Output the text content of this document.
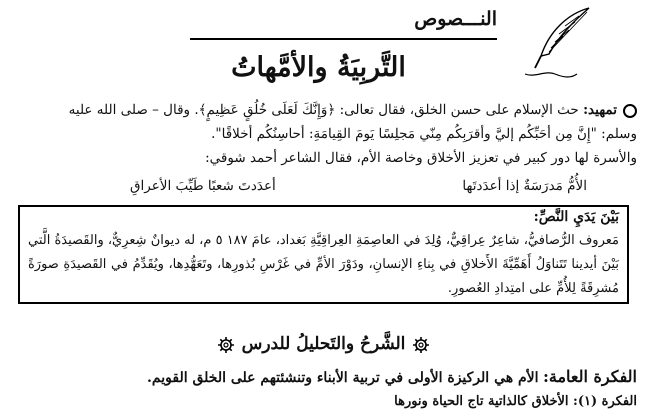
النـــصوص
التَّربِيَةُ والأمَّهاتُ
تمهيد: حث الإسلام على حسن الخلق، فقال تعالى: ﴿وَإِنَّكَ لَعَلَى خُلُقٍ عَظِيمٍ﴾. وقال – صلى الله عليه
وسلم: "إِنَّ مِن أحَبِّكُم إليَّ وأقرَبِكُم مِنّي مَجلِسًا يَومَ القِيامَةِ: أحاسِنُكُم أخلاقًا".
والأسرة لها دور كبير في تعزيز الأخلاق وخاصة الأم، فقال الشاعر أحمد شوقي:
الأُمُّ مَدرَسَةٌ إذا أعدَدتَها
أعدَدتَ شعبًا طَيِّبَ الأعراقِ
بَيْنَ يَدَيِ النَّصِّ:
مَعروف الرُّصافيُّ، شاعِرٌ عِراقِيٌّ، وُلِدَ في العاصِمَةِ العِراقِيَّةِ بَغداد، عامَ ١٨٧ ٥ م، له ديوانٌ شِعرِيٌّ، والقَصيدَةُ الَّتي بَيْنَ أيدينا تَتَناوَلُ أَهَمِّيَّةَ الأَخلاقِ في بِناءِ الإنسانِ، ودَوْرَ الأمِّ في غَرْسِ بُذورِها، وتَعَهُّدِها، ويُقَدِّمُ في القَصيدَةِ صورَةً مُشرِقَةً لِلأُمِّ على امتِدادِ العُصورِ.
الشَّرحُ والتَحليلُ للدرس
الفكرة العامة: الأم هي الركيزة الأولى في تربية الأبناء وتنشئتهم على الخلق القويم.
الفكرة (١): الأخلاق كالذاتية تاج الحياة ونورها
